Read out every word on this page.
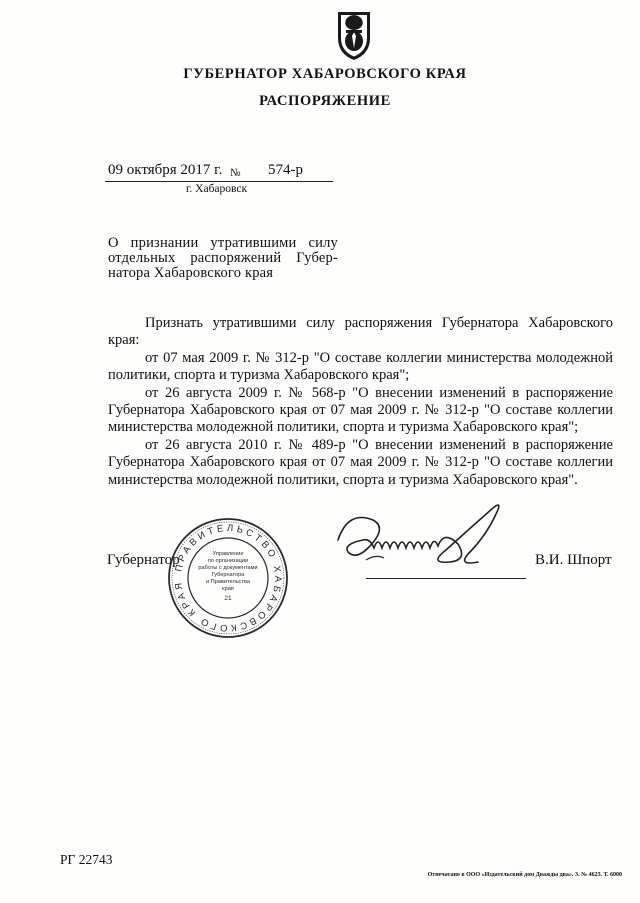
ГУБЕРНАТОР ХАБАРОВСКОГО КРАЯ
РАСПОРЯЖЕНИЕ
09 октября 2017 г. № 574-р
г. Хабаровск
О признании утратившими силу отдельных распоряжений Губер-натора Хабаровского края

Признать утратившими силу распоряжения Губернатора Хабаровского края:

от 07 мая 2009 г. № 312-р "О составе коллегии министерства молодежной политики, спорта и туризма Хабаровского края";

от 26 августа 2009 г. № 568-р "О внесении изменений в распоряжение Губернатора Хабаровского края от 07 мая 2009 г. № 312-р "О составе коллегии министерства молодежной политики, спорта и туризма Хабаровского края";

от 26 августа 2010 г. № 489-р "О внесении изменений в распоряжение Губернатора Хабаровского края от 07 мая 2009 г. № 312-р "О составе коллегии министерства молодежной политики, спорта и туризма Хабаровского края".

Губернатор	В.И. Шпорт
ПРАВИТЕЛЬСТВО ХАБАРОВСКОГО КРАЯ
Управление
по организации
работы с документами
Губернатора
и Правительства
края
21
РГ 22743
Отпечатано в ООО «Издательский дом Дважды два». З. № 4623. Т. 6000
